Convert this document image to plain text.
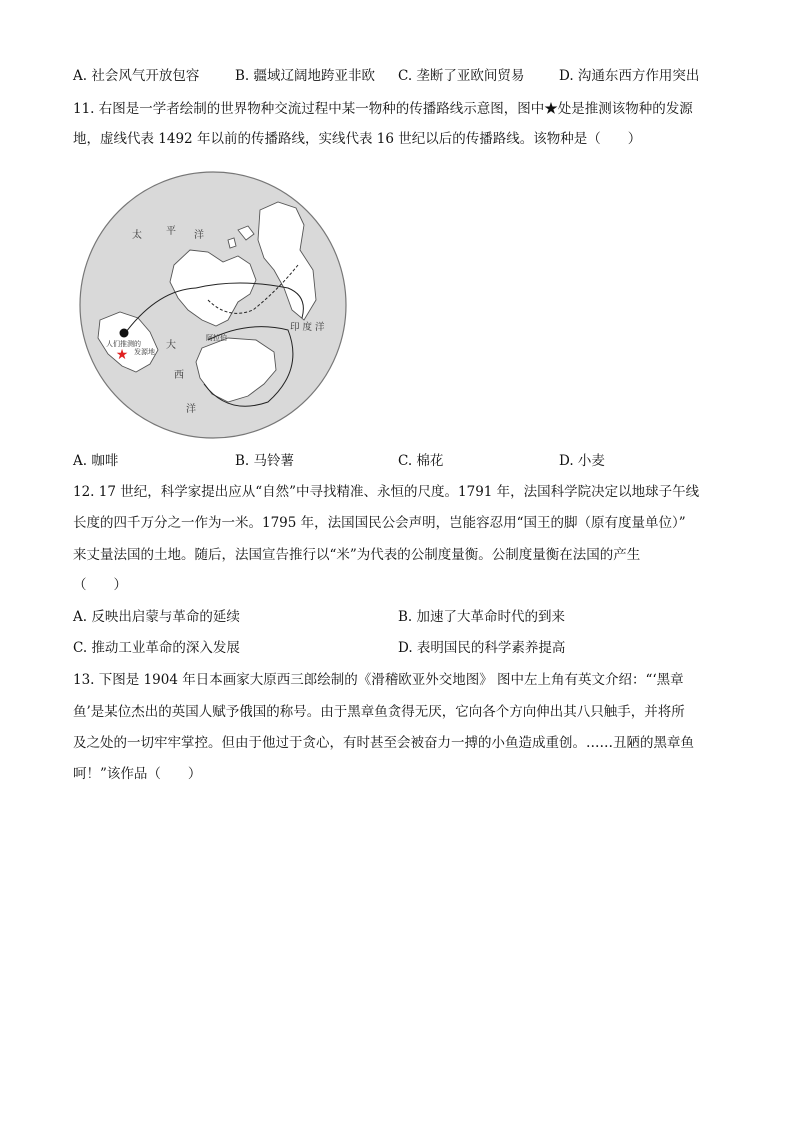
A. 社会风气开放包容	B. 疆域辽阔地跨亚非欧 C. 垄断了亚欧间贸易	D. 沟通东西方作用突出
11. 右图是一学者绘制的世界物种交流过程中某一物种的传播路线示意图，图中★处是推测该物种的发源
地，虚线代表 1492 年以前的传播路线，实线代表 16 世纪以后的传播路线。该物种是（　　）
★
太 平 洋
大
西
洋
印 度 洋
人们推测的
发源地
阿拉伯
A. 咖啡	B. 马铃薯	C. 棉花	D. 小麦
12. 17 世纪，科学家提出应从“自然”中寻找精准、永恒的尺度。1791 年，法国科学院决定以地球子午线
长度的四千万分之一作为一米。1795 年，法国国民公会声明，岂能容忍用“国王的脚（原有度量单位）”
来丈量法国的土地。随后，法国宣告推行以“米”为代表的公制度量衡。公制度量衡在法国的产生
（　　）
A. 反映出启蒙与革命的延续	B. 加速了大革命时代的到来
C. 推动工业革命的深入发展	D. 表明国民的科学素养提高
13. 下图是 1904 年日本画家大原西三郎绘制的《滑稽欧亚外交地图》 图中左上角有英文介绍：“‘黑章
鱼’是某位杰出的英国人赋予俄国的称号。由于黑章鱼贪得无厌，它向各个方向伸出其八只触手，并将所
及之处的一切牢牢掌控。但由于他过于贪心，有时甚至会被奋力一搏的小鱼造成重创。……丑陋的黑章鱼
呵！”该作品（　　）
